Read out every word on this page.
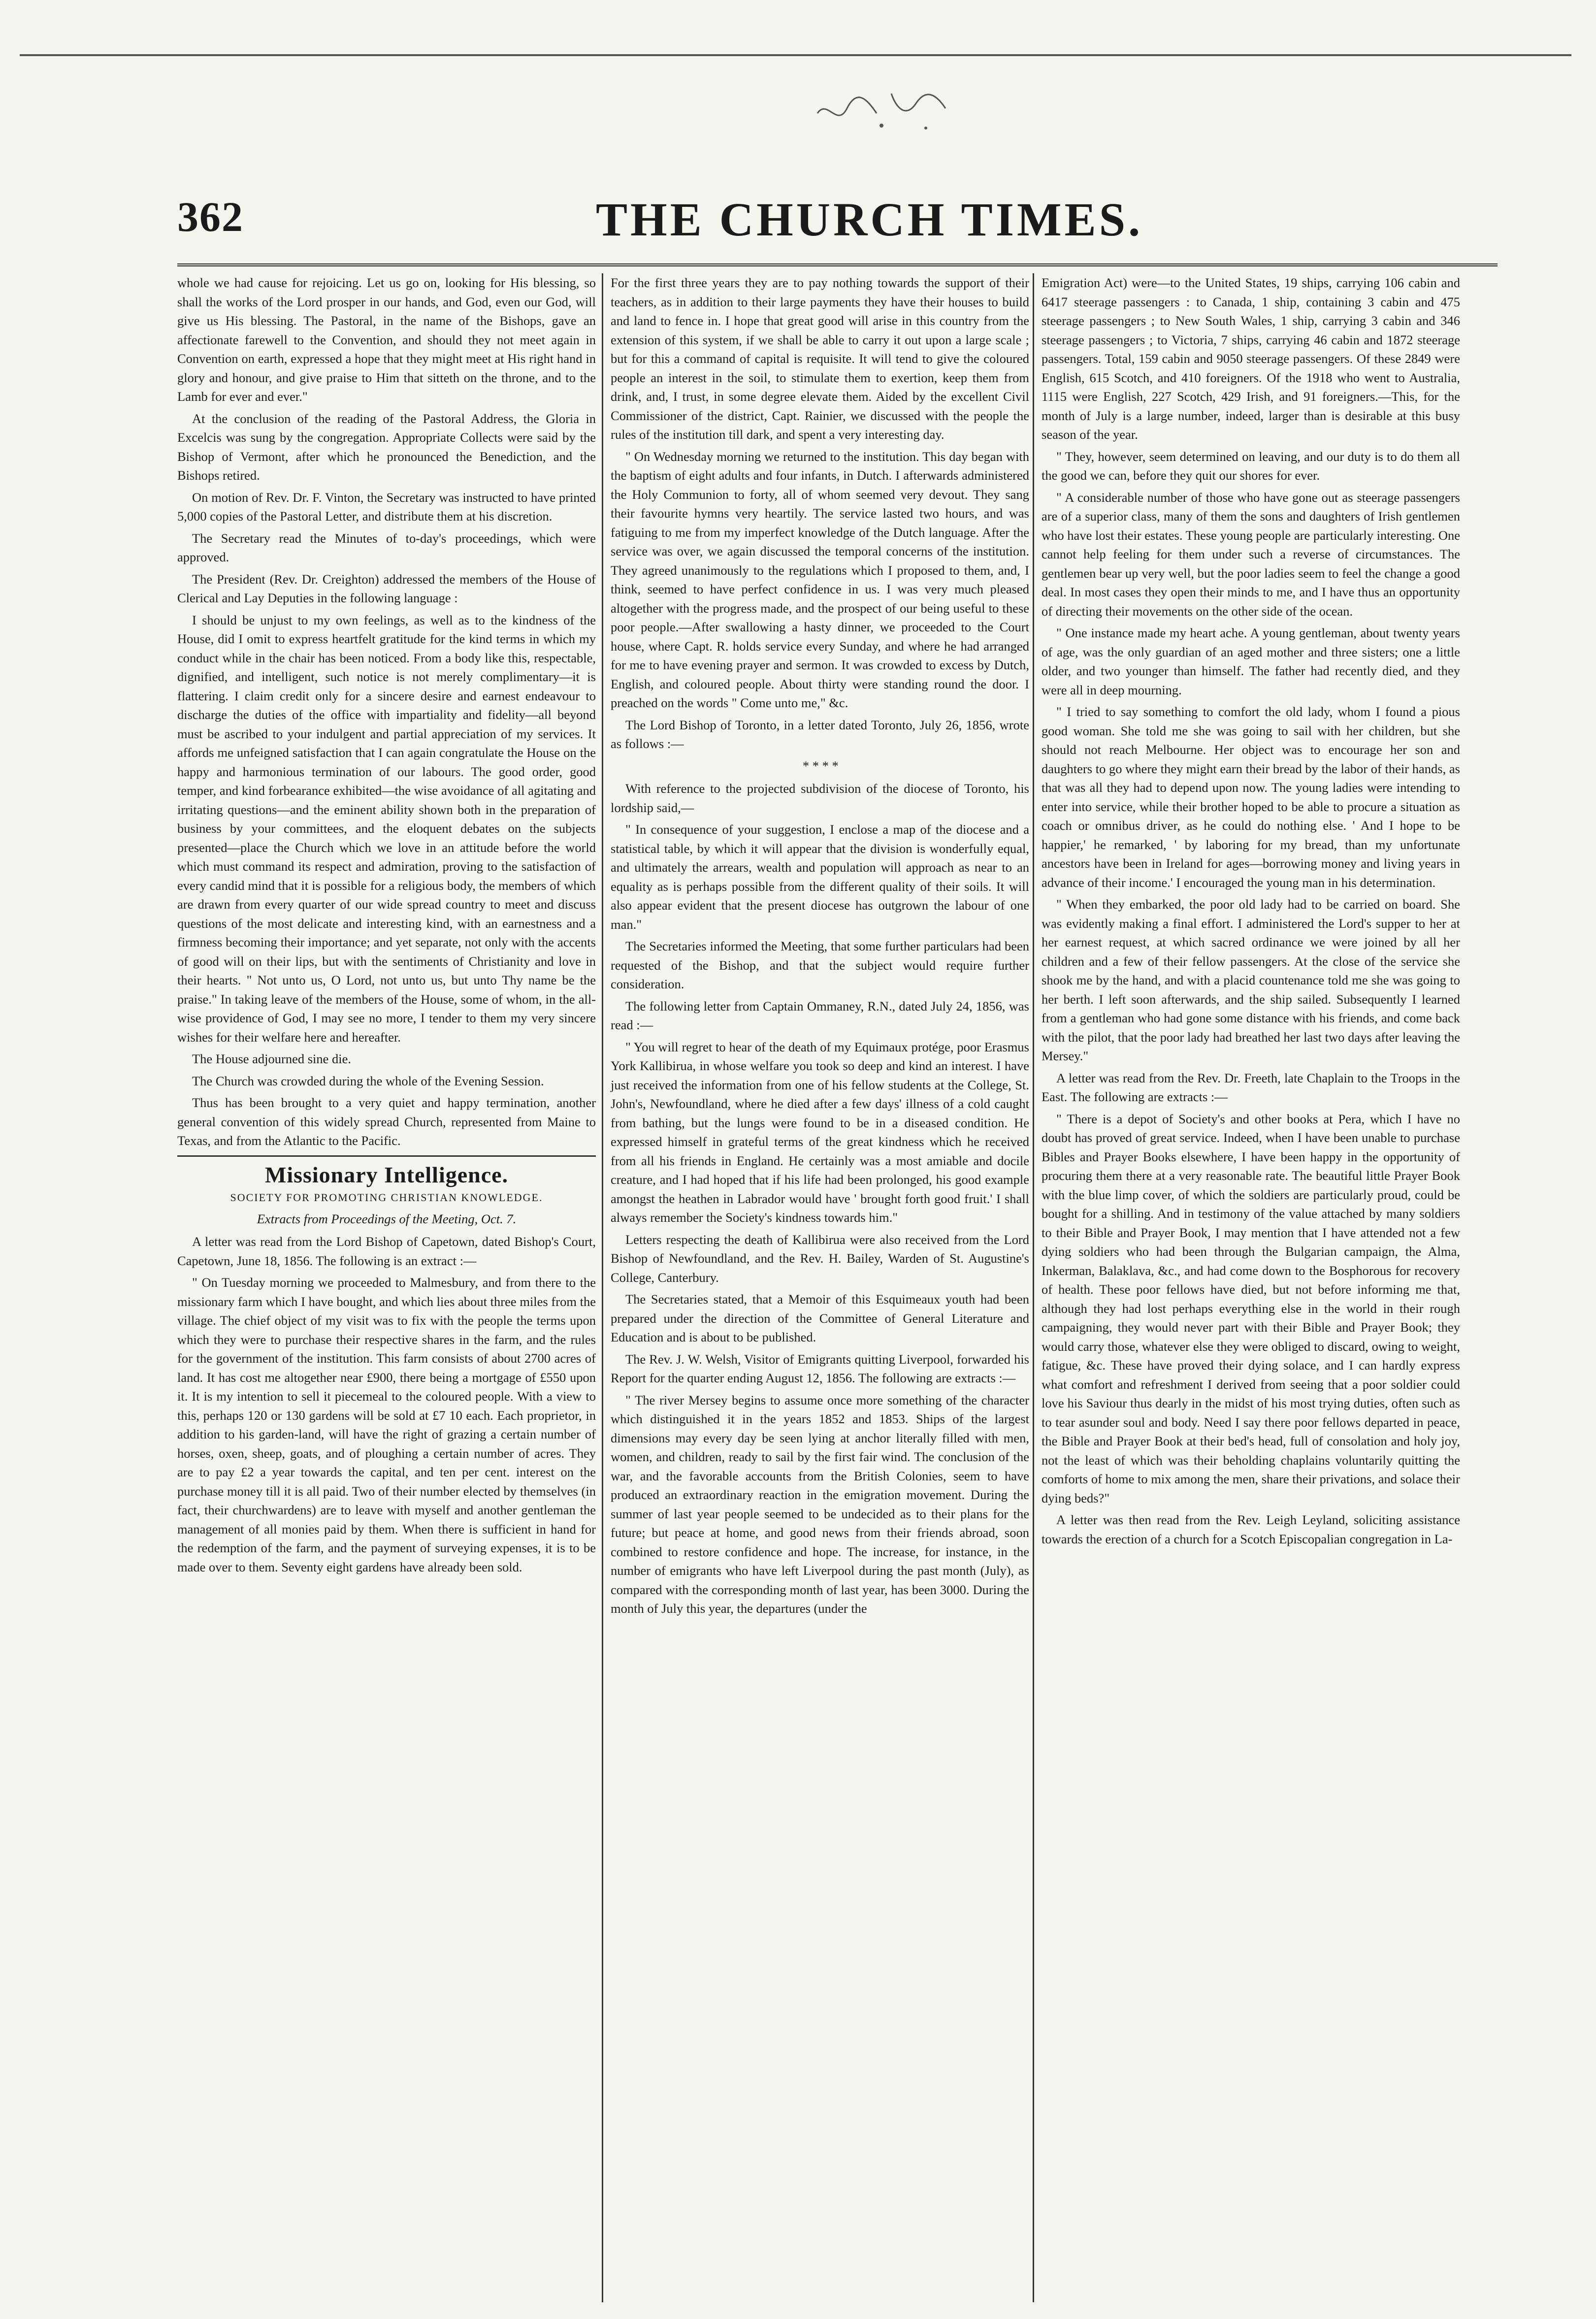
362	THE CHURCH TIMES.

whole we had cause for rejoicing. Let us go on, looking for His blessing, so shall the works of the Lord prosper in our hands, and God, even our God, will give us His blessing. The Pastoral, in the name of the Bishops, gave an affectionate farewell to the Convention, and should they not meet again in Convention on earth, expressed a hope that they might meet at His right hand in glory and honour, and give praise to Him that sitteth on the throne, and to the Lamb for ever and ever."

At the conclusion of the reading of the Pastoral Address, the Gloria in Excelcis was sung by the congregation. Appropriate Collects were said by the Bishop of Vermont, after which he pronounced the Benediction, and the Bishops retired.

On motion of Rev. Dr. F. Vinton, the Secretary was instructed to have printed 5,000 copies of the Pastoral Letter, and distribute them at his discretion.

The Secretary read the Minutes of to-day's proceedings, which were approved.

The President (Rev. Dr. Creighton) addressed the members of the House of Clerical and Lay Deputies in the following language :

I should be unjust to my own feelings, as well as to the kindness of the House, did I omit to express heartfelt gratitude for the kind terms in which my conduct while in the chair has been noticed. From a body like this, respectable, dignified, and intelligent, such notice is not merely complimentary—it is flattering. I claim credit only for a sincere desire and earnest endeavour to discharge the duties of the office with impartiality and fidelity—all beyond must be ascribed to your indulgent and partial appreciation of my services. It affords me unfeigned satisfaction that I can again congratulate the House on the happy and harmonious termination of our labours. The good order, good temper, and kind forbearance exhibited—the wise avoidance of all agitating and irritating questions—and the eminent ability shown both in the preparation of business by your committees, and the eloquent debates on the subjects presented—place the Church which we love in an attitude before the world which must command its respect and admiration, proving to the satisfaction of every candid mind that it is possible for a religious body, the members of which are drawn from every quarter of our wide spread country to meet and discuss questions of the most delicate and interesting kind, with an earnestness and a firmness becoming their importance; and yet separate, not only with the accents of good will on their lips, but with the sentiments of Christianity and love in their hearts. " Not unto us, O Lord, not unto us, but unto Thy name be the praise." In taking leave of the members of the House, some of whom, in the all-wise providence of God, I may see no more, I tender to them my very sincere wishes for their welfare here and hereafter.

The House adjourned sine die.

The Church was crowded during the whole of the Evening Session.

Thus has been brought to a very quiet and happy termination, another general convention of this widely spread Church, represented from Maine to Texas, and from the Atlantic to the Pacific.

Missionary Intelligence.
SOCIETY FOR PROMOTING CHRISTIAN KNOWLEDGE.
Extracts from Proceedings of the Meeting, Oct. 7.

A letter was read from the Lord Bishop of Capetown, dated Bishop's Court, Capetown, June 18, 1856. The following is an extract :—

" On Tuesday morning we proceeded to Malmesbury, and from there to the missionary farm which I have bought, and which lies about three miles from the village. The chief object of my visit was to fix with the people the terms upon which they were to purchase their respective shares in the farm, and the rules for the government of the institution. This farm consists of about 2700 acres of land. It has cost me altogether near £900, there being a mortgage of £550 upon it. It is my intention to sell it piecemeal to the coloured people. With a view to this, perhaps 120 or 130 gardens will be sold at £7 10 each. Each proprietor, in addition to his garden-land, will have the right of grazing a certain number of horses, oxen, sheep, goats, and of ploughing a certain number of acres. They are to pay £2 a year towards the capital, and ten per cent. interest on the purchase money till it is all paid. Two of their number elected by themselves (in fact, their churchwardens) are to leave with myself and another gentleman the management of all monies paid by them. When there is sufficient in hand for the redemption of the farm, and the payment of surveying expenses, it is to be made over to them. Seventy eight gardens have already been sold.

For the first three years they are to pay nothing towards the support of their teachers, as in addition to their large payments they have their houses to build and land to fence in. I hope that great good will arise in this country from the extension of this system, if we shall be able to carry it out upon a large scale ; but for this a command of capital is requisite. It will tend to give the coloured people an interest in the soil, to stimulate them to exertion, keep them from drink, and, I trust, in some degree elevate them. Aided by the excellent Civil Commissioner of the district, Capt. Rainier, we discussed with the people the rules of the institution till dark, and spent a very interesting day.

" On Wednesday morning we returned to the institution. This day began with the baptism of eight adults and four infants, in Dutch. I afterwards administered the Holy Communion to forty, all of whom seemed very devout. They sang their favourite hymns very heartily. The service lasted two hours, and was fatiguing to me from my imperfect knowledge of the Dutch language. After the service was over, we again discussed the temporal concerns of the institution. They agreed unanimously to the regulations which I proposed to them, and, I think, seemed to have perfect confidence in us. I was very much pleased altogether with the progress made, and the prospect of our being useful to these poor people.—After swallowing a hasty dinner, we proceeded to the Court house, where Capt. R. holds service every Sunday, and where he had arranged for me to have evening prayer and sermon. It was crowded to excess by Dutch, English, and coloured people. About thirty were standing round the door. I preached on the words " Come unto me," &c.

The Lord Bishop of Toronto, in a letter dated Toronto, July 26, 1856, wrote as follows :—

* * * *

With reference to the projected subdivision of the diocese of Toronto, his lordship said,—

" In consequence of your suggestion, I enclose a map of the diocese and a statistical table, by which it will appear that the division is wonderfully equal, and ultimately the arrears, wealth and population will approach as near to an equality as is perhaps possible from the different quality of their soils. It will also appear evident that the present diocese has outgrown the labour of one man."

The Secretaries informed the Meeting, that some further particulars had been requested of the Bishop, and that the subject would require further consideration.

The following letter from Captain Ommaney, R.N., dated July 24, 1856, was read :—

" You will regret to hear of the death of my Equimaux protége, poor Erasmus York Kallibirua, in whose welfare you took so deep and kind an interest. I have just received the information from one of his fellow students at the College, St. John's, Newfoundland, where he died after a few days' illness of a cold caught from bathing, but the lungs were found to be in a diseased condition. He expressed himself in grateful terms of the great kindness which he received from all his friends in England. He certainly was a most amiable and docile creature, and I had hoped that if his life had been prolonged, his good example amongst the heathen in Labrador would have ' brought forth good fruit.' I shall always remember the Society's kindness towards him."

Letters respecting the death of Kallibirua were also received from the Lord Bishop of Newfoundland, and the Rev. H. Bailey, Warden of St. Augustine's College, Canterbury.

The Secretaries stated, that a Memoir of this Esquimeaux youth had been prepared under the direction of the Committee of General Literature and Education and is about to be published.

The Rev. J. W. Welsh, Visitor of Emigrants quitting Liverpool, forwarded his Report for the quarter ending August 12, 1856. The following are extracts :—

" The river Mersey begins to assume once more something of the character which distinguished it in the years 1852 and 1853. Ships of the largest dimensions may every day be seen lying at anchor literally filled with men, women, and children, ready to sail by the first fair wind. The conclusion of the war, and the favorable accounts from the British Colonies, seem to have produced an extraordinary reaction in the emigration movement. During the summer of last year people seemed to be undecided as to their plans for the future; but peace at home, and good news from their friends abroad, soon combined to restore confidence and hope. The increase, for instance, in the number of emigrants who have left Liverpool during the past month (July), as compared with the corresponding month of last year, has been 3000. During the month of July this year, the departures (under the

Emigration Act) were—to the United States, 19 ships, carrying 106 cabin and 6417 steerage passengers : to Canada, 1 ship, containing 3 cabin and 475 steerage passengers ; to New South Wales, 1 ship, carrying 3 cabin and 346 steerage passengers ; to Victoria, 7 ships, carrying 46 cabin and 1872 steerage passengers. Total, 159 cabin and 9050 steerage passengers. Of these 2849 were English, 615 Scotch, and 410 foreigners. Of the 1918 who went to Australia, 1115 were English, 227 Scotch, 429 Irish, and 91 foreigners.—This, for the month of July is a large number, indeed, larger than is desirable at this busy season of the year.

" They, however, seem determined on leaving, and our duty is to do them all the good we can, before they quit our shores for ever.

" A considerable number of those who have gone out as steerage passengers are of a superior class, many of them the sons and daughters of Irish gentlemen who have lost their estates. These young people are particularly interesting. One cannot help feeling for them under such a reverse of circumstances. The gentlemen bear up very well, but the poor ladies seem to feel the change a good deal. In most cases they open their minds to me, and I have thus an opportunity of directing their movements on the other side of the ocean.

" One instance made my heart ache. A young gentleman, about twenty years of age, was the only guardian of an aged mother and three sisters; one a little older, and two younger than himself. The father had recently died, and they were all in deep mourning.

" I tried to say something to comfort the old lady, whom I found a pious good woman. She told me she was going to sail with her children, but she should not reach Melbourne. Her object was to encourage her son and daughters to go where they might earn their bread by the labor of their hands, as that was all they had to depend upon now. The young ladies were intending to enter into service, while their brother hoped to be able to procure a situation as coach or omnibus driver, as he could do nothing else. ' And I hope to be happier,' he remarked, ' by laboring for my bread, than my unfortunate ancestors have been in Ireland for ages—borrowing money and living years in advance of their income.' I encouraged the young man in his determination.

" When they embarked, the poor old lady had to be carried on board. She was evidently making a final effort. I administered the Lord's supper to her at her earnest request, at which sacred ordinance we were joined by all her children and a few of their fellow passengers. At the close of the service she shook me by the hand, and with a placid countenance told me she was going to her berth. I left soon afterwards, and the ship sailed. Subsequently I learned from a gentleman who had gone some distance with his friends, and come back with the pilot, that the poor lady had breathed her last two days after leaving the Mersey."

A letter was read from the Rev. Dr. Freeth, late Chaplain to the Troops in the East. The following are extracts :—

" There is a depot of Society's and other books at Pera, which I have no doubt has proved of great service. Indeed, when I have been unable to purchase Bibles and Prayer Books elsewhere, I have been happy in the opportunity of procuring them there at a very reasonable rate. The beautiful little Prayer Book with the blue limp cover, of which the soldiers are particularly proud, could be bought for a shilling. And in testimony of the value attached by many soldiers to their Bible and Prayer Book, I may mention that I have attended not a few dying soldiers who had been through the Bulgarian campaign, the Alma, Inkerman, Balaklava, &c., and had come down to the Bosphorous for recovery of health. These poor fellows have died, but not before informing me that, although they had lost perhaps everything else in the world in their rough campaigning, they would never part with their Bible and Prayer Book; they would carry those, whatever else they were obliged to discard, owing to weight, fatigue, &c. These have proved their dying solace, and I can hardly express what comfort and refreshment I derived from seeing that a poor soldier could love his Saviour thus dearly in the midst of his most trying duties, often such as to tear asunder soul and body. Need I say there poor fellows departed in peace, the Bible and Prayer Book at their bed's head, full of consolation and holy joy, not the least of which was their beholding chaplains voluntarily quitting the comforts of home to mix among the men, share their privations, and solace their dying beds?"

A letter was then read from the Rev. Leigh Leyland, soliciting assistance towards the erection of a church for a Scotch Episcopalian congregation in La-
